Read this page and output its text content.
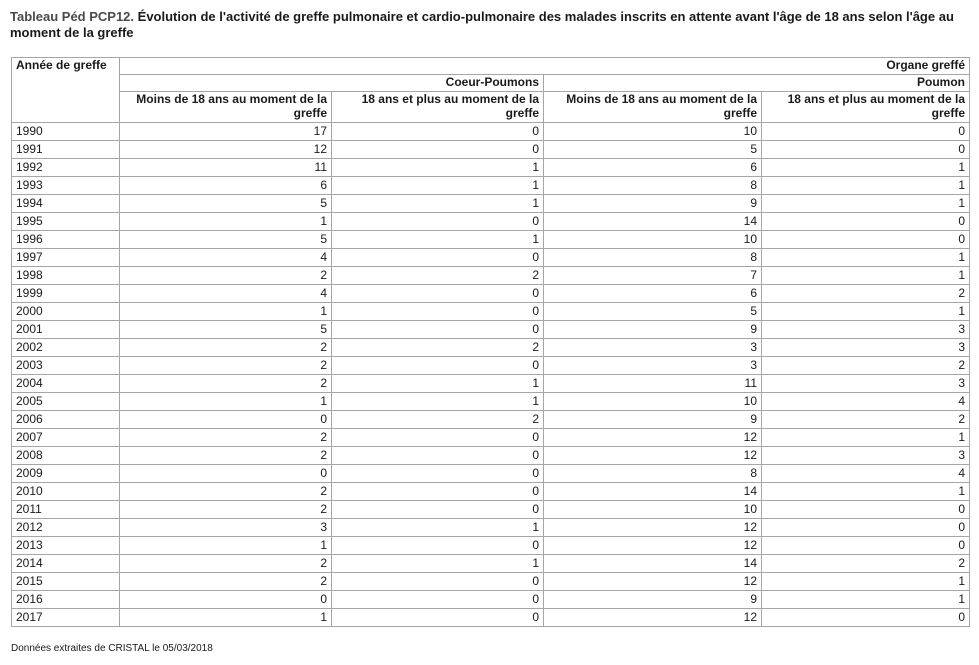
Tableau Péd PCP12. Évolution de l'activité de greffe pulmonaire et cardio-pulmonaire des malades inscrits en attente avant l'âge de 18 ans selon l'âge au moment de la greffe
Année de greffe	Organe greffé			
	Coeur-Poumons		Poumon	
	Moins de 18 ans au moment de la greffe	18 ans et plus au moment de la greffe	Moins de 18 ans au moment de la greffe	18 ans et plus au moment de la greffe
1990	17	0	10	0
1991	12	0	5	0
1992	11	1	6	1
1993	6	1	8	1
1994	5	1	9	1
1995	1	0	14	0
1996	5	1	10	0
1997	4	0	8	1
1998	2	2	7	1
1999	4	0	6	2
2000	1	0	5	1
2001	5	0	9	3
2002	2	2	3	3
2003	2	0	3	2
2004	2	1	11	3
2005	1	1	10	4
2006	0	2	9	2
2007	2	0	12	1
2008	2	0	12	3
2009	0	0	8	4
2010	2	0	14	1
2011	2	0	10	0
2012	3	1	12	0
2013	1	0	12	0
2014	2	1	14	2
2015	2	0	12	1
2016	0	0	9	1
2017	1	0	12	0
Données extraites de CRISTAL le 05/03/2018
